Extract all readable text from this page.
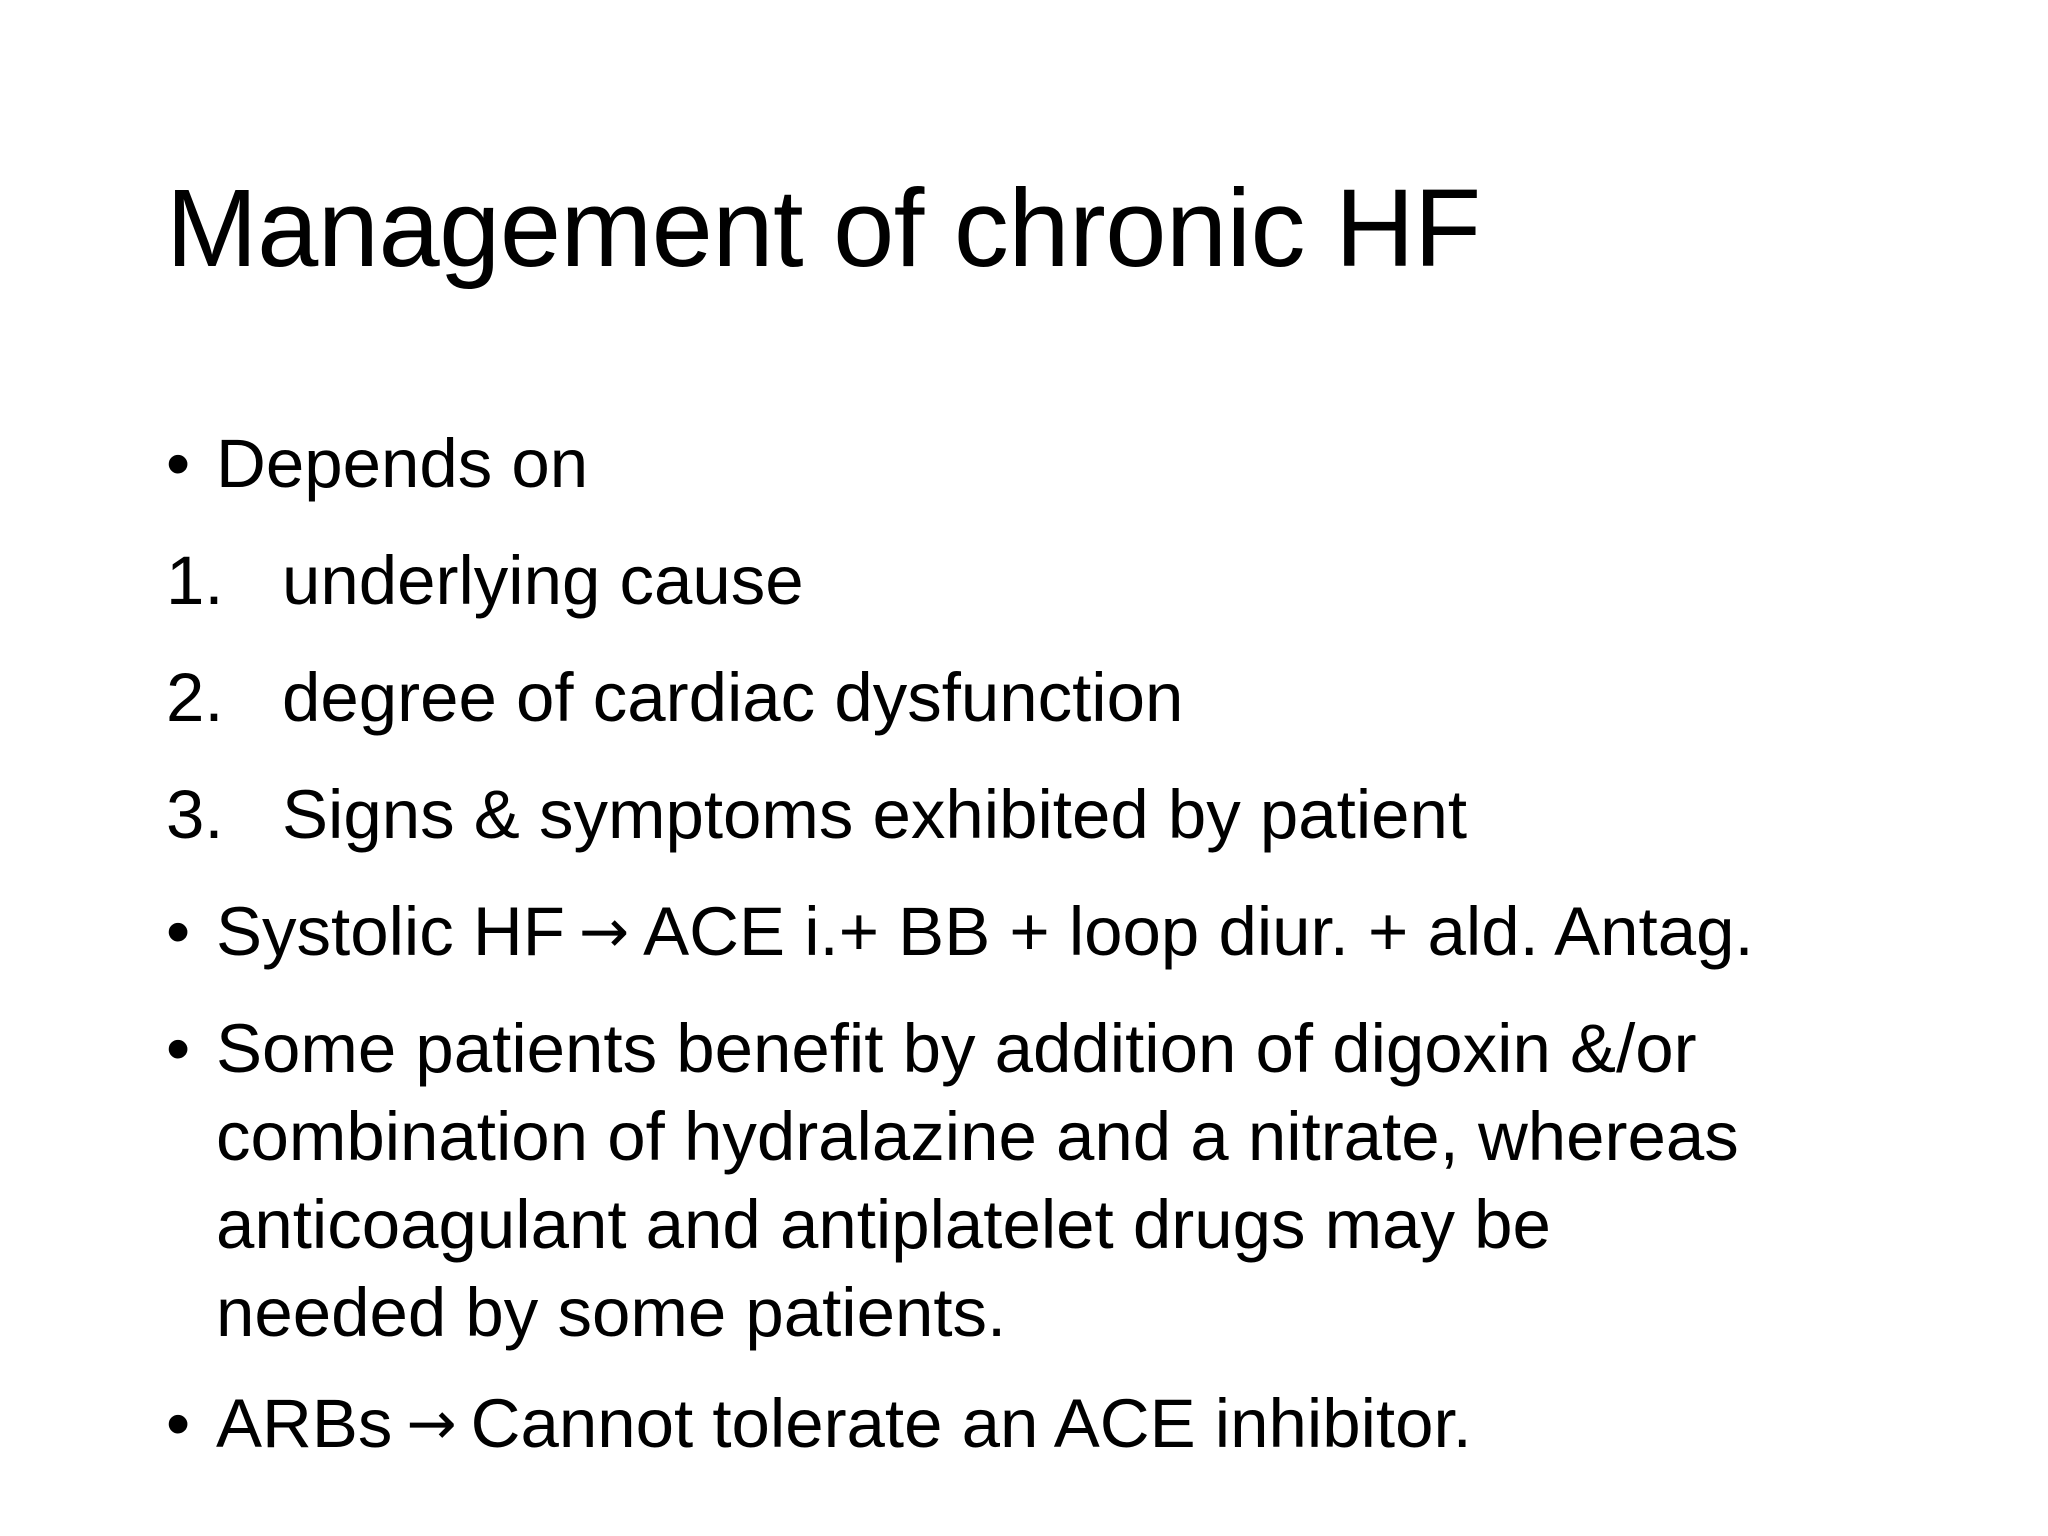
Management of chronic HF
• Depends on
1. underlying cause
2. degree of cardiac dysfunction
3. Signs & symptoms exhibited by patient
• Systolic HF → ACE i.+ BB + loop diur. + ald. Antag.
• Some patients benefit by addition of digoxin &/or
combination of hydralazine and a nitrate, whereas
anticoagulant and antiplatelet drugs may be
needed by some patients.
• ARBs → Cannot tolerate an ACE inhibitor.
